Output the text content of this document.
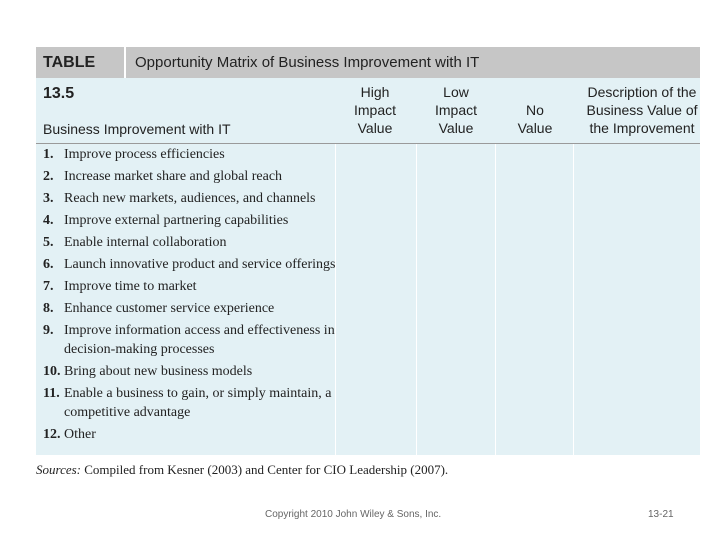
TABLE 13.5
Opportunity Matrix of Business Improvement with IT
High
Impact
Value
Low
Impact
Value
No
Value
Description of the
Business Value of
the Improvement
Business Improvement with IT
1. Improve process efficiencies
2. Increase market share and global reach
3. Reach new markets, audiences, and channels
4. Improve external partnering capabilities
5. Enable internal collaboration
6. Launch innovative product and service offerings
7. Improve time to market
8. Enhance customer service experience
9. Improve information access and effectiveness in
decision-making processes
10. Bring about new business models
11. Enable a business to gain, or simply maintain, a
competitive advantage
12. Other
Sources: Compiled from Kesner (2003) and Center for CIO Leadership (2007).
Copyright 2010 John Wiley & Sons, Inc.	13-21
